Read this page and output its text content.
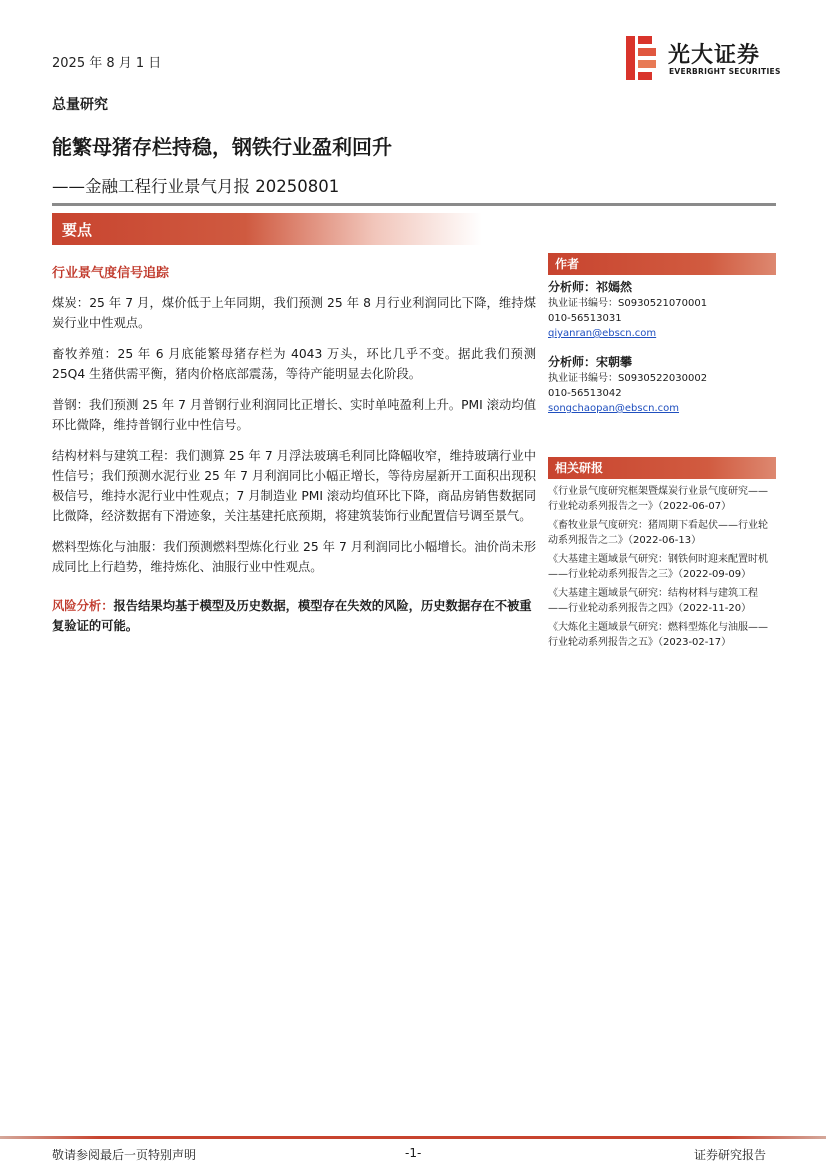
2025 年 8 月 1 日	光大证券
EVERBRIGHT SECURITIES
总量研究
能繁母猪存栏持稳，钢铁行业盈利回升
——金融工程行业景气月报 20250801
要点
行业景气度信号追踪

煤炭：25 年 7 月，煤价低于上年同期，我们预测 25 年 8 月行业利润同比下降，维持煤炭行业中性观点。

畜牧养殖：25 年 6 月底能繁母猪存栏为 4043 万头，环比几乎不变。据此我们预测 25Q4 生猪供需平衡，猪肉价格底部震荡，等待产能明显去化阶段。

普钢：我们预测 25 年 7 月普钢行业利润同比正增长、实时单吨盈利上升。PMI 滚动均值环比微降，维持普钢行业中性信号。

结构材料与建筑工程：我们测算 25 年 7 月浮法玻璃毛利同比降幅收窄，维持玻璃行业中性信号；我们预测水泥行业 25 年 7 月利润同比小幅正增长，等待房屋新开工面积出现积极信号，维持水泥行业中性观点；7 月制造业 PMI 滚动均值环比下降，商品房销售数据同比微降，经济数据有下滑迹象，关注基建托底预期，将建筑装饰行业配置信号调至景气。

燃料型炼化与油服：我们预测燃料型炼化行业 25 年 7 月利润同比小幅增长。油价尚未形成同比上行趋势，维持炼化、油服行业中性观点。

风险分析：报告结果均基于模型及历史数据，模型存在失效的风险，历史数据存在不被重复验证的可能。

作者
分析师：祁嫣然
执业证书编号：S0930521070001
010-56513031
qiyanran@ebscn.com
分析师：宋朝攀
执业证书编号：S0930522030002
010-56513042
songchaopan@ebscn.com
相关研报
《行业景气度研究框架暨煤炭行业景气度研究——行业轮动系列报告之一》（2022-06-07）
《畜牧业景气度研究：猪周期下看起伏——行业轮动系列报告之二》（2022-06-13）
《大基建主题域景气研究：钢铁何时迎来配置时机——行业轮动系列报告之三》（2022-09-09）
《大基建主题域景气研究：结构材料与建筑工程——行业轮动系列报告之四》（2022-11-20）
《大炼化主题域景气研究：燃料型炼化与油服——行业轮动系列报告之五》（2023-02-17）
敬请参阅最后一页特别声明	-1-	证券研究报告
